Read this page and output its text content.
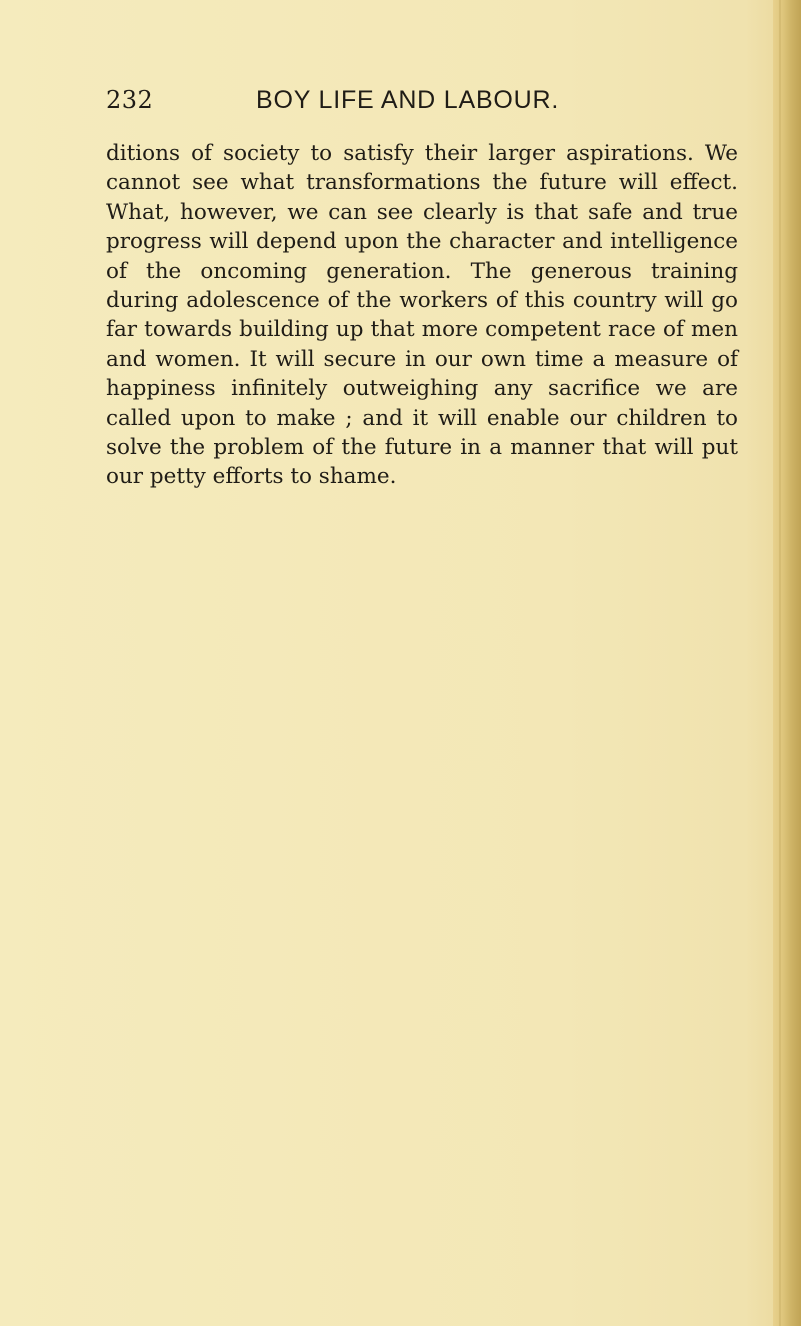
232	BOY LIFE AND LABOUR.

ditions of society to satisfy their larger aspirations. We cannot see what transformations the future will effect. What, however, we can see clearly is that safe and true progress will depend upon the character and intelligence of the oncoming generation. The generous training during adolescence of the workers of this country will go far towards building up that more competent race of men and women. It will secure in our own time a measure of happiness infinitely outweighing any sacrifice we are called upon to make ; and it will enable our children to solve the problem of the future in a manner that will put our petty efforts to shame.
